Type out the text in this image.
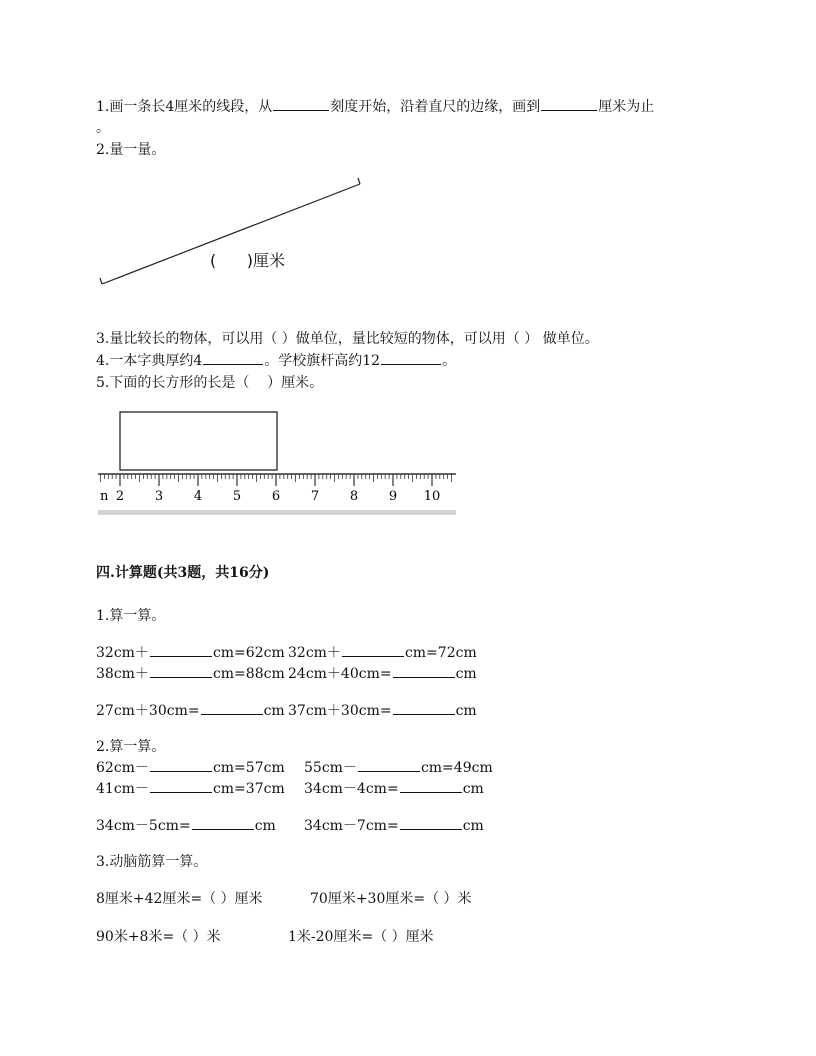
1.画一条长4厘米的线段，从	刻度开始，沿着直尺的边缘，画到	厘米为止
。
2.量一量。
(      )厘米
3.量比较长的物体，可以用（ ）做单位，量比较短的物体，可以用（ ） 做单位。
4.一本字典厚约4	。学校旗杆高约12	。
5.下面的长方形的长是（    ）厘米。
n 2 3 4 5 6 7 8 9 10
四.计算题(共3题，共16分)
1.算一算。
32cm＋	cm=62cm 32cm＋	cm=72cm
38cm＋	cm=88cm 24cm＋40cm=	cm
27cm＋30cm=	cm 37cm＋30cm=	cm
2.算一算。
62cm－	cm=57cm 55cm－	cm=49cm
41cm－	cm=37cm 34cm－4cm=	cm
34cm－5cm=	cm 34cm－7cm=	cm
3.动脑筋算一算。
8厘米+42厘米=（ ）厘米	70厘米+30厘米=（ ）米
90米+8米=（ ）米	1米-20厘米=（ ）厘米
